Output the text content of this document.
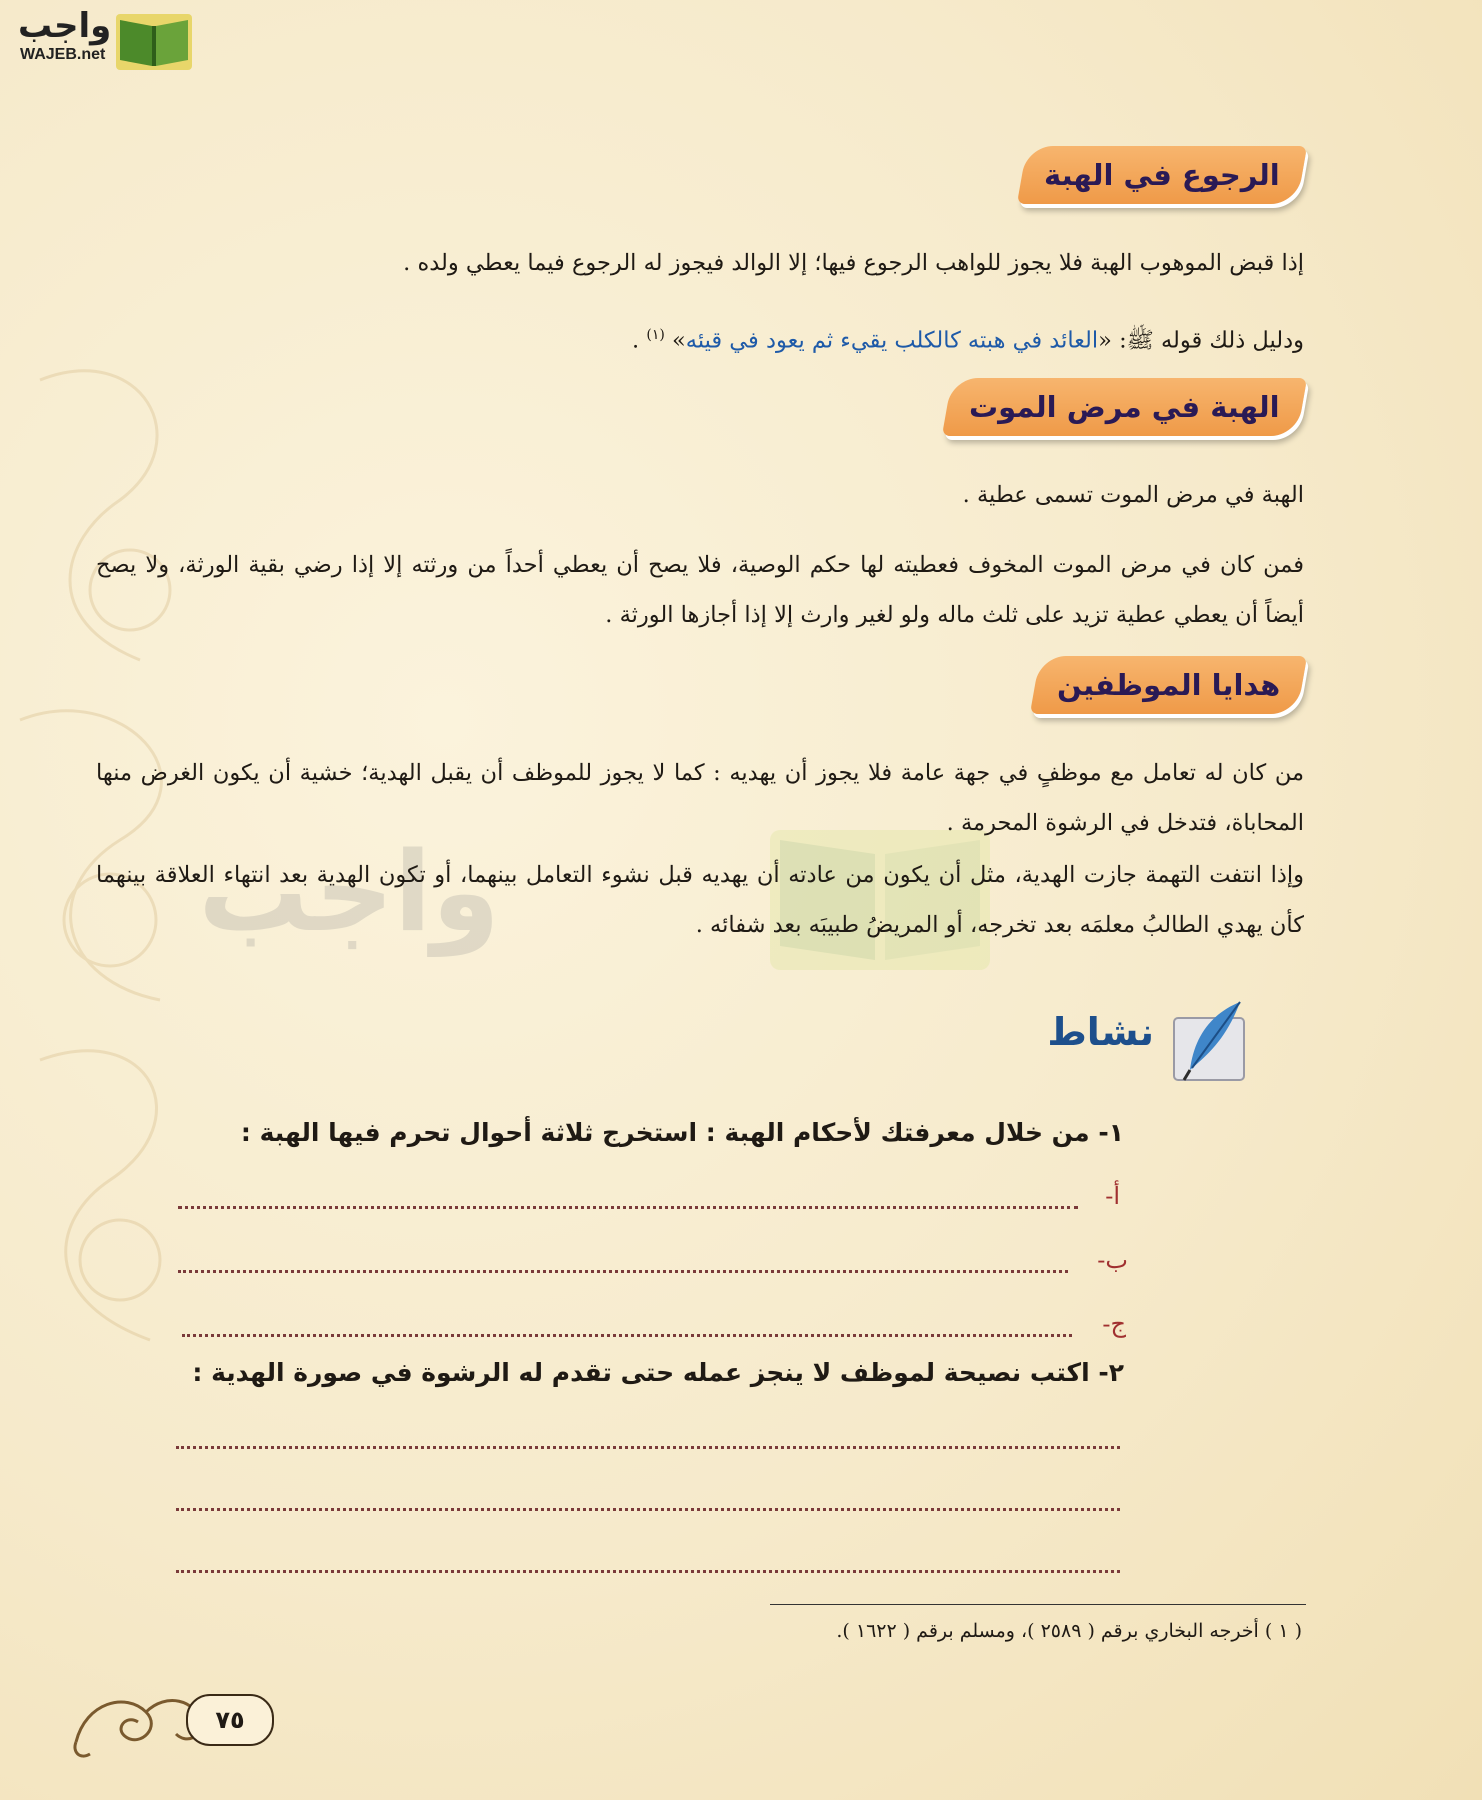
واجب
WAJEB.net
واجب
الرجوع في الهبة
إذا قبض الموهوب الهبة فلا يجوز للواهب الرجوع فيها؛ إلا الوالد فيجوز له الرجوع فيما يعطي ولده .
ودليل ذلك قوله ﷺ: «العائد في هبته كالكلب يقيء ثم يعود في قيئه» $^{(١)}$ .
الهبة في مرض الموت
الهبة في مرض الموت تسمى عطية .
فمن كان في مرض الموت المخوف فعطيته لها حكم الوصية، فلا يصح أن يعطي أحداً من ورثته إلا إذا رضي بقية الورثة، ولا يصح أيضاً أن يعطي عطية تزيد على ثلث ماله ولو لغير وارث إلا إذا أجازها الورثة .
هدايا الموظفين
من كان له تعامل مع موظفٍ في جهة عامة فلا يجوز أن يهديه : كما لا يجوز للموظف أن يقبل الهدية؛ خشية أن يكون الغرض منها المحاباة، فتدخل في الرشوة المحرمة .
وإذا انتفت التهمة جازت الهدية، مثل أن يكون من عادته أن يهديه قبل نشوء التعامل بينهما، أو تكون الهدية بعد انتهاء العلاقة بينهما كأن يهدي الطالبُ معلمَه بعد تخرجه، أو المريضُ طبيبَه بعد شفائه .
نشاط
١- من خلال معرفتك لأحكام الهبة : استخرج ثلاثة أحوال تحرم فيها الهبة :
أ-
ب-
ج-
٢- اكتب نصيحة لموظف لا ينجز عمله حتى تقدم له الرشوة في صورة الهدية :
( ١ ) أخرجه البخاري برقم ( ٢٥٨٩ )، ومسلم برقم ( ١٦٢٢ ).
٧٥
